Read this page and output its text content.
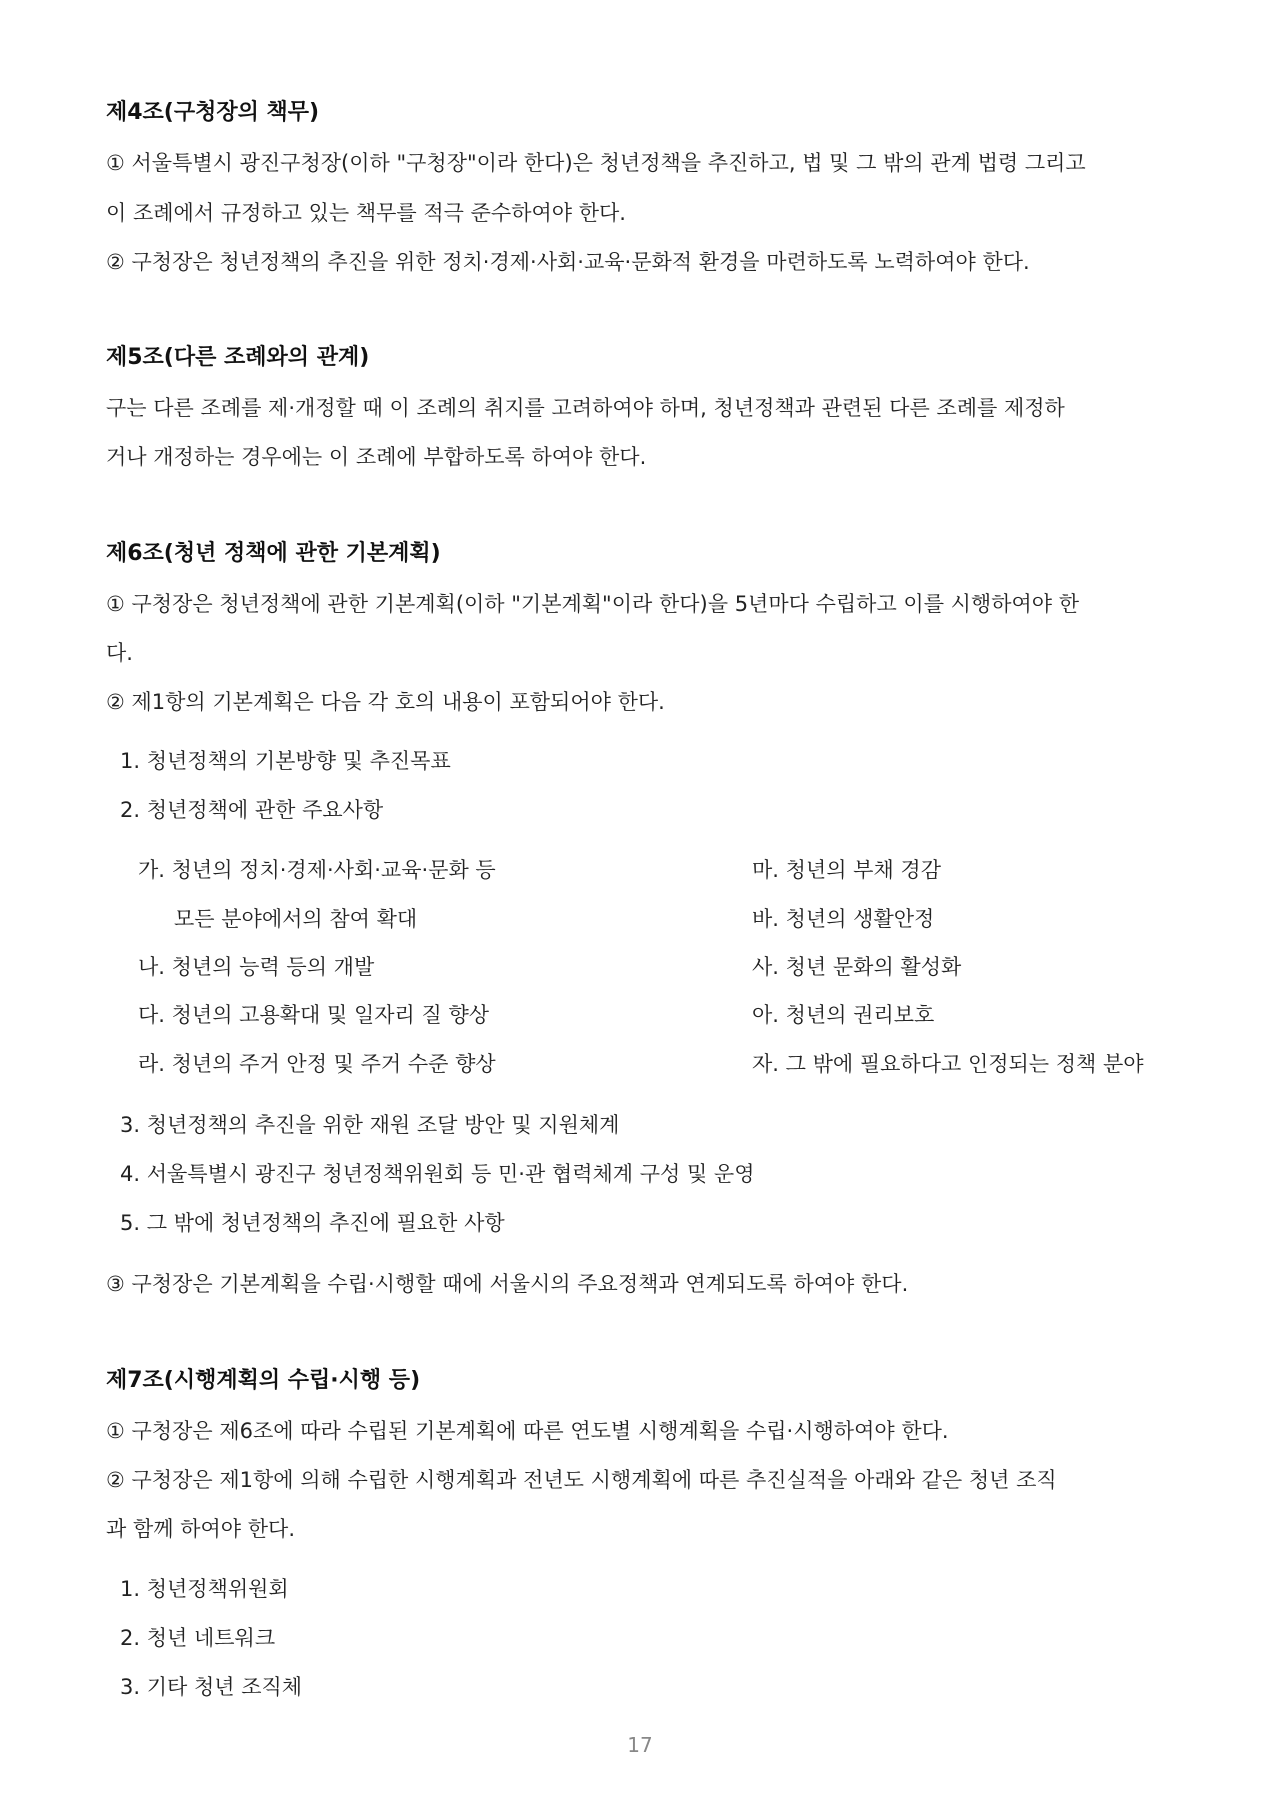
제4조(구청장의 책무)
① 서울특별시 광진구청장(이하 "구청장"이라 한다)은 청년정책을 추진하고, 법 및 그 밖의 관계 법령 그리고
이 조례에서 규정하고 있는 책무를 적극 준수하여야 한다.
② 구청장은 청년정책의 추진을 위한 정치·경제·사회·교육·문화적 환경을 마련하도록 노력하여야 한다.
제5조(다른 조례와의 관계)
구는 다른 조례를 제·개정할 때 이 조례의 취지를 고려하여야 하며, 청년정책과 관련된 다른 조례를 제정하
거나 개정하는 경우에는 이 조례에 부합하도록 하여야 한다.
제6조(청년 정책에 관한 기본계획)
① 구청장은 청년정책에 관한 기본계획(이하 "기본계획"이라 한다)을 5년마다 수립하고 이를 시행하여야 한
다.
② 제1항의 기본계획은 다음 각 호의 내용이 포함되어야 한다.
1. 청년정책의 기본방향 및 추진목표
2. 청년정책에 관한 주요사항
가. 청년의 정치·경제·사회·교육·문화 등
모든 분야에서의 참여 확대
나. 청년의 능력 등의 개발
다. 청년의 고용확대 및 일자리 질 향상
라. 청년의 주거 안정 및 주거 수준 향상
마. 청년의 부채 경감
바. 청년의 생활안정
사. 청년 문화의 활성화
아. 청년의 권리보호
자. 그 밖에 필요하다고 인정되는 정책 분야
3. 청년정책의 추진을 위한 재원 조달 방안 및 지원체계
4. 서울특별시 광진구 청년정책위원회 등 민·관 협력체계 구성 및 운영
5. 그 밖에 청년정책의 추진에 필요한 사항
③ 구청장은 기본계획을 수립·시행할 때에 서울시의 주요정책과 연계되도록 하여야 한다.
제7조(시행계획의 수립·시행 등)
① 구청장은 제6조에 따라 수립된 기본계획에 따른 연도별 시행계획을 수립·시행하여야 한다.
② 구청장은 제1항에 의해 수립한 시행계획과 전년도 시행계획에 따른 추진실적을 아래와 같은 청년 조직
과 함께 하여야 한다.
1. 청년정책위원회
2. 청년 네트워크
3. 기타 청년 조직체
17
